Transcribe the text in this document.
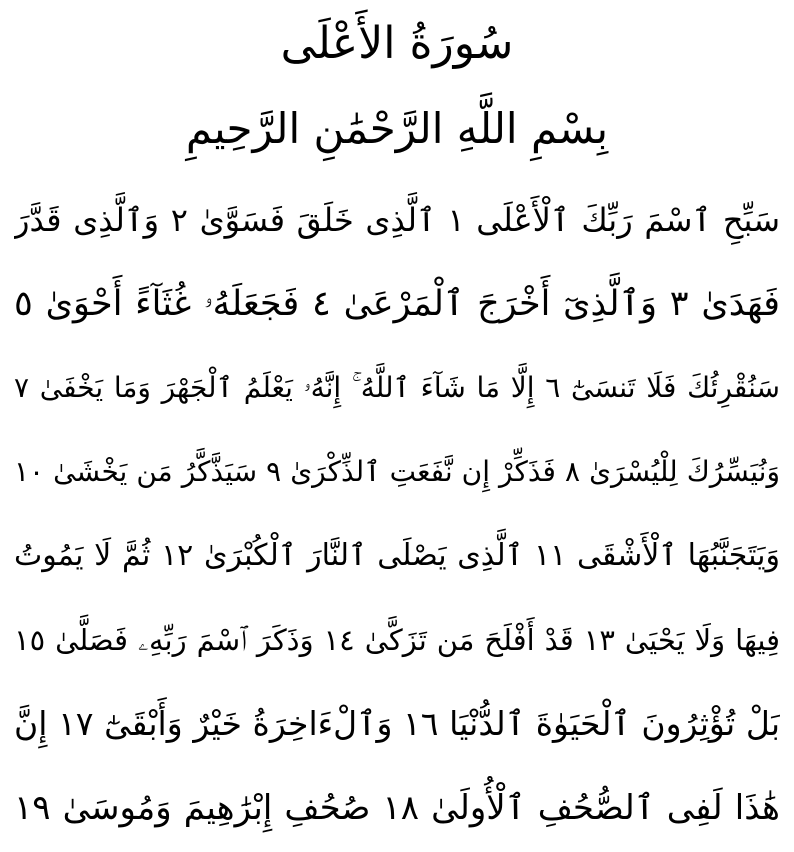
سُورَةُ الأَعْلَى
بِسْمِ اللَّهِ الرَّحْمَٰنِ الرَّحِيمِ
سَبِّحِ ٱسْمَ رَبِّكَ ٱلْأَعْلَى ١ ٱلَّذِى خَلَقَ فَسَوَّىٰ ٢ وَٱلَّذِى قَدَّرَ
فَهَدَىٰ ٣ وَٱلَّذِىٓ أَخْرَجَ ٱلْمَرْعَىٰ ٤ فَجَعَلَهُۥ غُثَآءً أَحْوَىٰ ٥
سَنُقْرِئُكَ فَلَا تَنسَىٰٓ ٦ إِلَّا مَا شَآءَ ٱللَّهُ ۚ إِنَّهُۥ يَعْلَمُ ٱلْجَهْرَ وَمَا يَخْفَىٰ ٧
وَنُيَسِّرُكَ لِلْيُسْرَىٰ ٨ فَذَكِّرْ إِن نَّفَعَتِ ٱلذِّكْرَىٰ ٩ سَيَذَّكَّرُ مَن يَخْشَىٰ ١٠
وَيَتَجَنَّبُهَا ٱلْأَشْقَى ١١ ٱلَّذِى يَصْلَى ٱلنَّارَ ٱلْكُبْرَىٰ ١٢ ثُمَّ لَا يَمُوتُ
فِيهَا وَلَا يَحْيَىٰ ١٣ قَدْ أَفْلَحَ مَن تَزَكَّىٰ ١٤ وَذَكَرَ ٱسْمَ رَبِّهِۦ فَصَلَّىٰ ١٥
بَلْ تُؤْثِرُونَ ٱلْحَيَوٰةَ ٱلدُّنْيَا ١٦ وَٱلْءَاخِرَةُ خَيْرٌ وَأَبْقَىٰٓ ١٧ إِنَّ
هَٰذَا لَفِى ٱلصُّحُفِ ٱلْأُولَىٰ ١٨ صُحُفِ إِبْرَٰهِيمَ وَمُوسَىٰ ١٩
